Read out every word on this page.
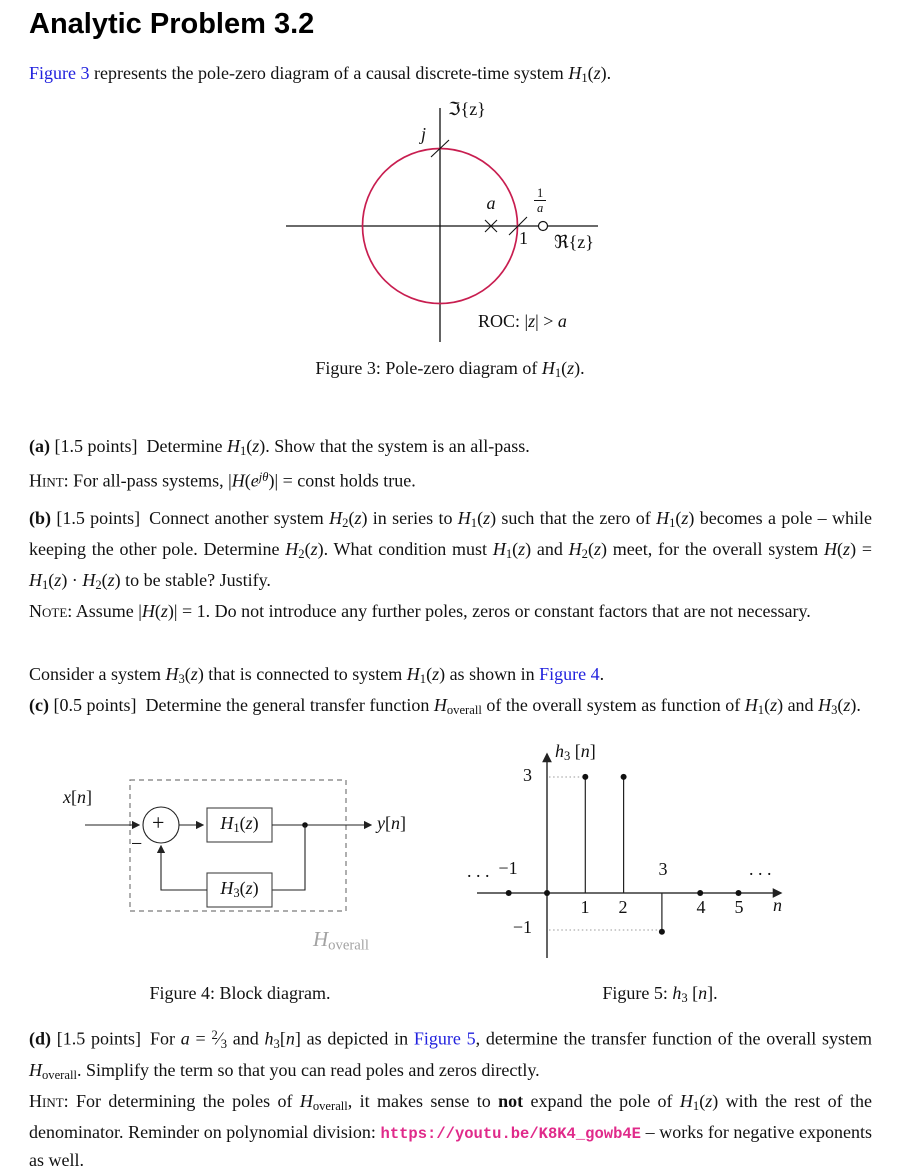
Analytic Problem 3.2
Figure 3 represents the pole-zero diagram of a causal discrete-time system $H_1(z)$.
ℑ{z}
j
a
1
$\frac{1}{a}$
ℜ{z}
ROC: |z| > a
Figure 3: Pole-zero diagram of $H_1(z)$.
(a) [1.5 points] Determine $H_1(z)$. Show that the system is an all-pass.
Hint: For all-pass systems, $|H(e^{j\theta})|$ = const holds true.
(b) [1.5 points] Connect another system $H_2(z)$ in series to $H_1(z)$ such that the zero of $H_1(z)$ becomes a pole – while keeping the other pole. Determine $H_2(z)$. What condition must $H_1(z)$ and $H_2(z)$ meet, for the overall system $H(z) = H_1(z) \cdot H_2(z)$ to be stable? Justify.
Note: Assume |H(z)| = 1. Do not introduce any further poles, zeros or constant factors that are not necessary.
Consider a system $H_3(z)$ that is connected to system $H_1(z)$ as shown in Figure 4.
(c) [0.5 points] Determine the general transfer function $H_{overall}$ of the overall system as function of $H_1(z)$ and $H_3(z)$.
x[n]
+
−
$H_1(z)$
$H_3(z)$
y[n]
$H_{overall}$
$h_3$ [n]
3
−1
−1
1 2
3
4 5
. . .	. . .
n
Figure 4: Block diagram.	Figure 5: $h_3$ [n].
(d) [1.5 points] For $a = ^2⁄_3$ and $h_3[n]$ as depicted in Figure 5, determine the transfer function of the overall system $H_{overall}$. Simplify the term so that you can read poles and zeros directly.
Hint: For determining the poles of $H_{overall}$, it makes sense to not expand the pole of $H_1(z)$ with the rest of the denominator. Reminder on polynomial division: https://youtu.be/K8K4_gowb4E – works for negative exponents as well.
